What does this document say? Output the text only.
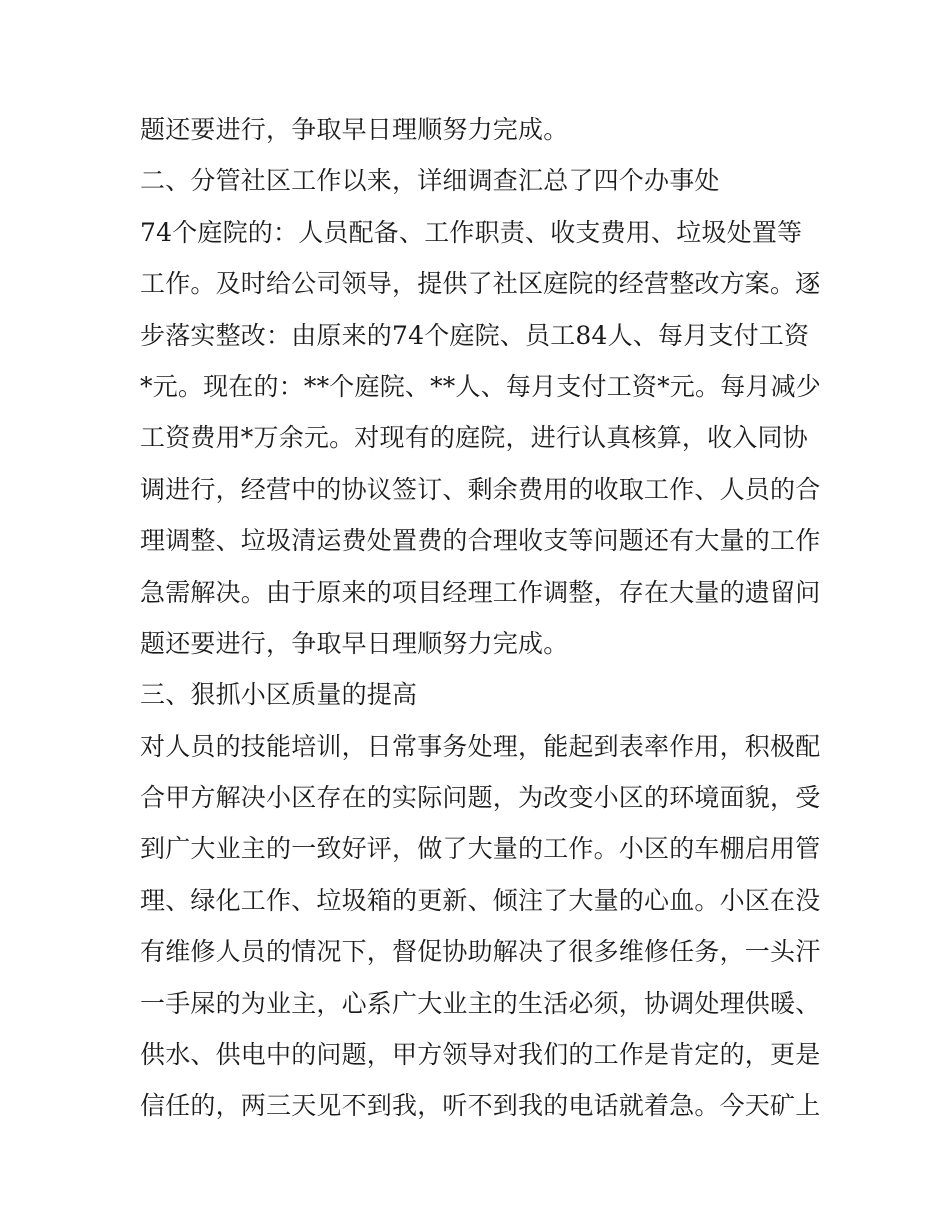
题还要进行，争取早日理顺努力完成。
二、分管社区工作以来，详细调查汇总了四个办事处
74个庭院的：人员配备、工作职责、收支费用、垃圾处置等
工作。及时给公司领导，提供了社区庭院的经营整改方案。逐
步落实整改：由原来的74个庭院、员工84人、每月支付工资
*元。现在的：**个庭院、**人、每月支付工资*元。每月减少
工资费用*万余元。对现有的庭院，进行认真核算，收入同协
调进行，经营中的协议签订、剩余费用的收取工作、人员的合
理调整、垃圾清运费处置费的合理收支等问题还有大量的工作
急需解决。由于原来的项目经理工作调整，存在大量的遗留问
题还要进行，争取早日理顺努力完成。
三、狠抓小区质量的提高
对人员的技能培训，日常事务处理，能起到表率作用，积极配
合甲方解决小区存在的实际问题，为改变小区的环境面貌，受
到广大业主的一致好评，做了大量的工作。小区的车棚启用管
理、绿化工作、垃圾箱的更新、倾注了大量的心血。小区在没
有维修人员的情况下，督促协助解决了很多维修任务，一头汗
一手屎的为业主，心系广大业主的生活必须，协调处理供暖、
供水、供电中的问题，甲方领导对我们的工作是肯定的，更是
信任的，两三天见不到我，听不到我的电话就着急。今天矿上
